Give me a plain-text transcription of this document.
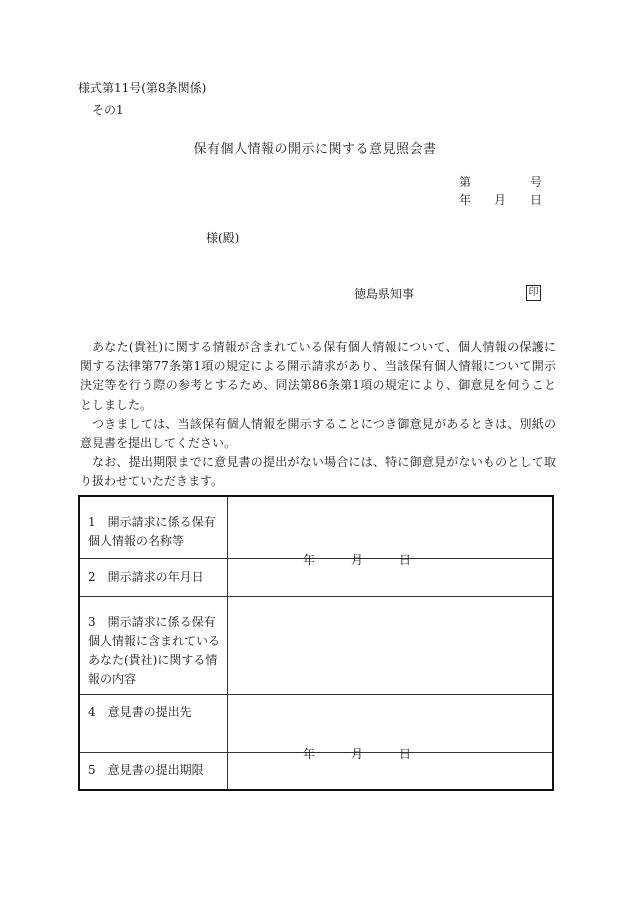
様式第11号(第8条関係)
その1
保有個人情報の開示に関する意見照会書
第	号
年 月 日
様(殿)
徳島県知事	印

あなた(貴社)に関する情報が含まれている保有個人情報について、個人情報の保護に関する法律第77条第1項の規定による開示請求があり、当該保有個人情報について開示決定等を行う際の参考とするため、同法第86条第1項の規定により、御意見を伺うこととしました。

つきましては、当該保有個人情報を開示することにつき御意見があるときは、別紙の意見書を提出してください。

なお、提出期限までに意見書の提出がない場合には、特に御意見がないものとして取り扱わせていただきます。

1　開示請求に係る保有個人情報の名称等	

2　開示請求の年月日	年 月 日

3　開示請求に係る保有個人情報に含まれているあなた(貴社)に関する情報の内容	

4　意見書の提出先	

5　意見書の提出期限	年 月 日
